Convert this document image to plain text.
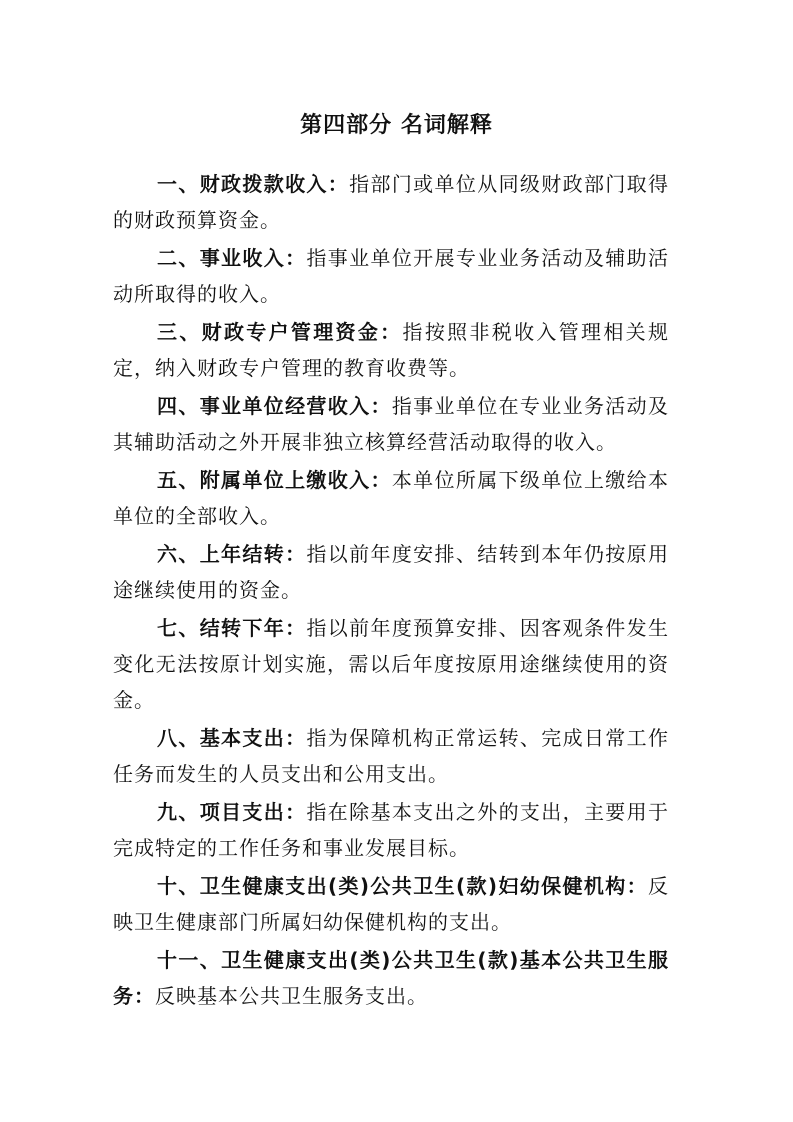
第四部分 名词解释

一、财政拨款收入：指部门或单位从同级财政部门取得的财政预算资金。

二、事业收入：指事业单位开展专业业务活动及辅助活动所取得的收入。

三、财政专户管理资金：指按照非税收入管理相关规定，纳入财政专户管理的教育收费等。

四、事业单位经营收入：指事业单位在专业业务活动及其辅助活动之外开展非独立核算经营活动取得的收入。

五、附属单位上缴收入：本单位所属下级单位上缴给本单位的全部收入。

六、上年结转：指以前年度安排、结转到本年仍按原用途继续使用的资金。

七、结转下年：指以前年度预算安排、因客观条件发生变化无法按原计划实施，需以后年度按原用途继续使用的资金。

八、基本支出：指为保障机构正常运转、完成日常工作任务而发生的人员支出和公用支出。

九、项目支出：指在除基本支出之外的支出，主要用于完成特定的工作任务和事业发展目标。

十、卫生健康支出(类)公共卫生(款)妇幼保健机构：反映卫生健康部门所属妇幼保健机构的支出。

十一、卫生健康支出(类)公共卫生(款)基本公共卫生服务：反映基本公共卫生服务支出。
